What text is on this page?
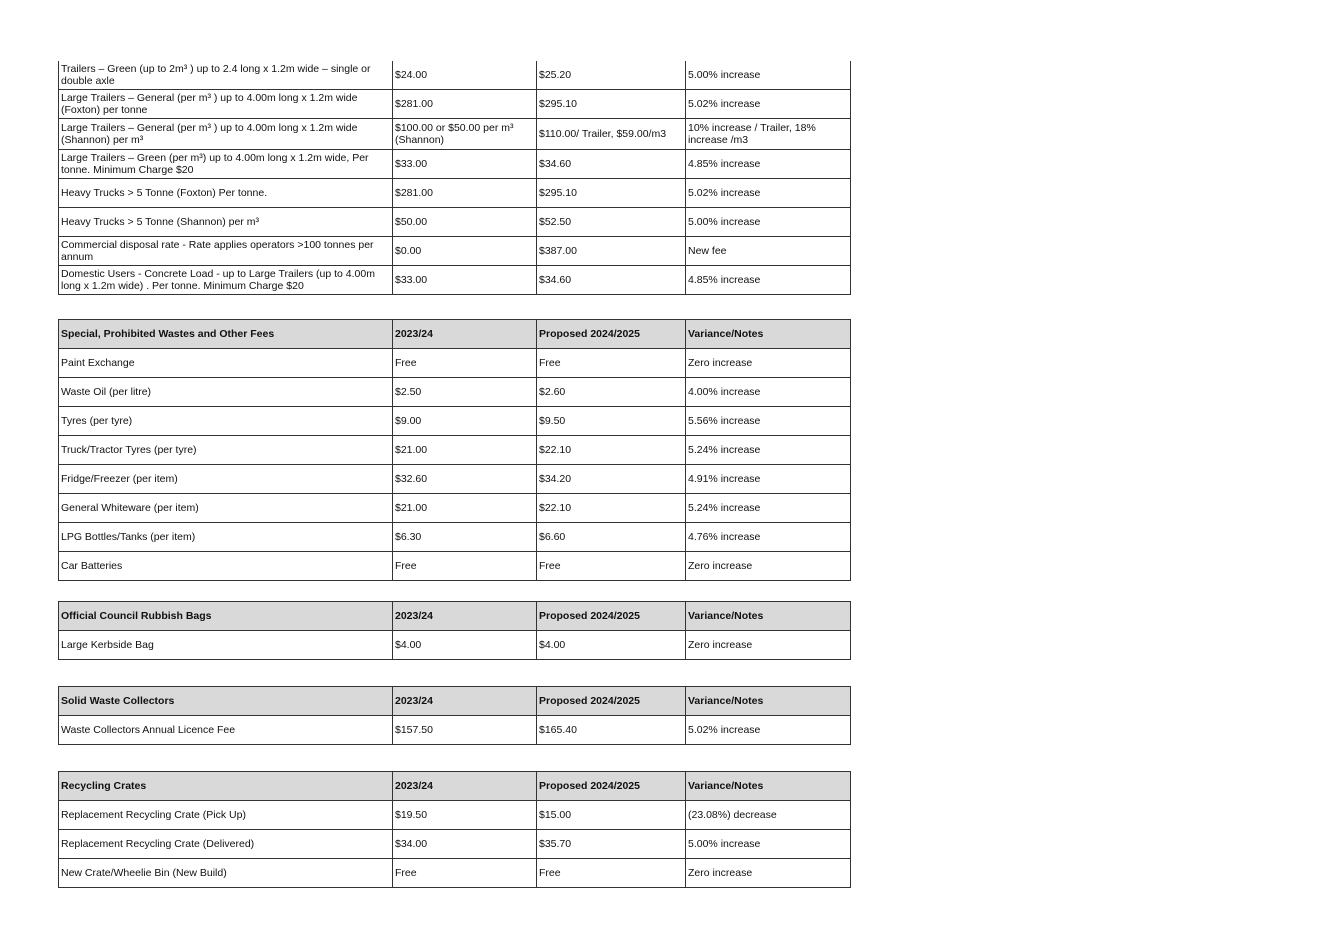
Trailers – Green (up to 2m³ ) up to 2.4 long x 1.2m wide – single or double axle	$24.00	$25.20	5.00% increase
Large Trailers – General (per m³ ) up to 4.00m long x 1.2m wide (Foxton) per tonne	$281.00	$295.10	5.02% increase
Large Trailers – General (per m³ ) up to 4.00m long x 1.2m wide (Shannon) per m³	$100.00 or $50.00 per m³ (Shannon)	$110.00/ Trailer, $59.00/m3	10% increase / Trailer, 18% increase /m3
Large Trailers – Green (per m³) up to 4.00m long x 1.2m wide, Per tonne. Minimum Charge $20	$33.00	$34.60	4.85% increase
Heavy Trucks > 5 Tonne (Foxton) Per tonne.	$281.00	$295.10	5.02% increase
Heavy Trucks > 5 Tonne (Shannon) per m³	$50.00	$52.50	5.00% increase
Commercial disposal rate - Rate applies operators >100 tonnes per annum	$0.00	$387.00	New fee
Domestic Users - Concrete Load - up to Large Trailers (up to 4.00m long x 1.2m wide) . Per tonne. Minimum Charge $20	$33.00	$34.60	4.85% increase
Special, Prohibited Wastes and Other Fees	2023/24	Proposed 2024/2025	Variance/Notes
Paint Exchange	Free	Free	Zero increase
Waste Oil (per litre)	$2.50	$2.60	4.00% increase
Tyres (per tyre)	$9.00	$9.50	5.56% increase
Truck/Tractor Tyres (per tyre)	$21.00	$22.10	5.24% increase
Fridge/Freezer (per item)	$32.60	$34.20	4.91% increase
General Whiteware (per item)	$21.00	$22.10	5.24% increase
LPG Bottles/Tanks (per item)	$6.30	$6.60	4.76% increase
Car Batteries	Free	Free	Zero increase
Official Council Rubbish Bags	2023/24	Proposed 2024/2025	Variance/Notes
Large Kerbside Bag	$4.00	$4.00	Zero increase
Solid Waste Collectors	2023/24	Proposed 2024/2025	Variance/Notes
Waste Collectors Annual Licence Fee	$157.50	$165.40	5.02% increase
Recycling Crates	2023/24	Proposed 2024/2025	Variance/Notes
Replacement Recycling Crate (Pick Up)	$19.50	$15.00	(23.08%) decrease
Replacement Recycling Crate (Delivered)	$34.00	$35.70	5.00% increase
New Crate/Wheelie Bin (New Build)	Free	Free	Zero increase
